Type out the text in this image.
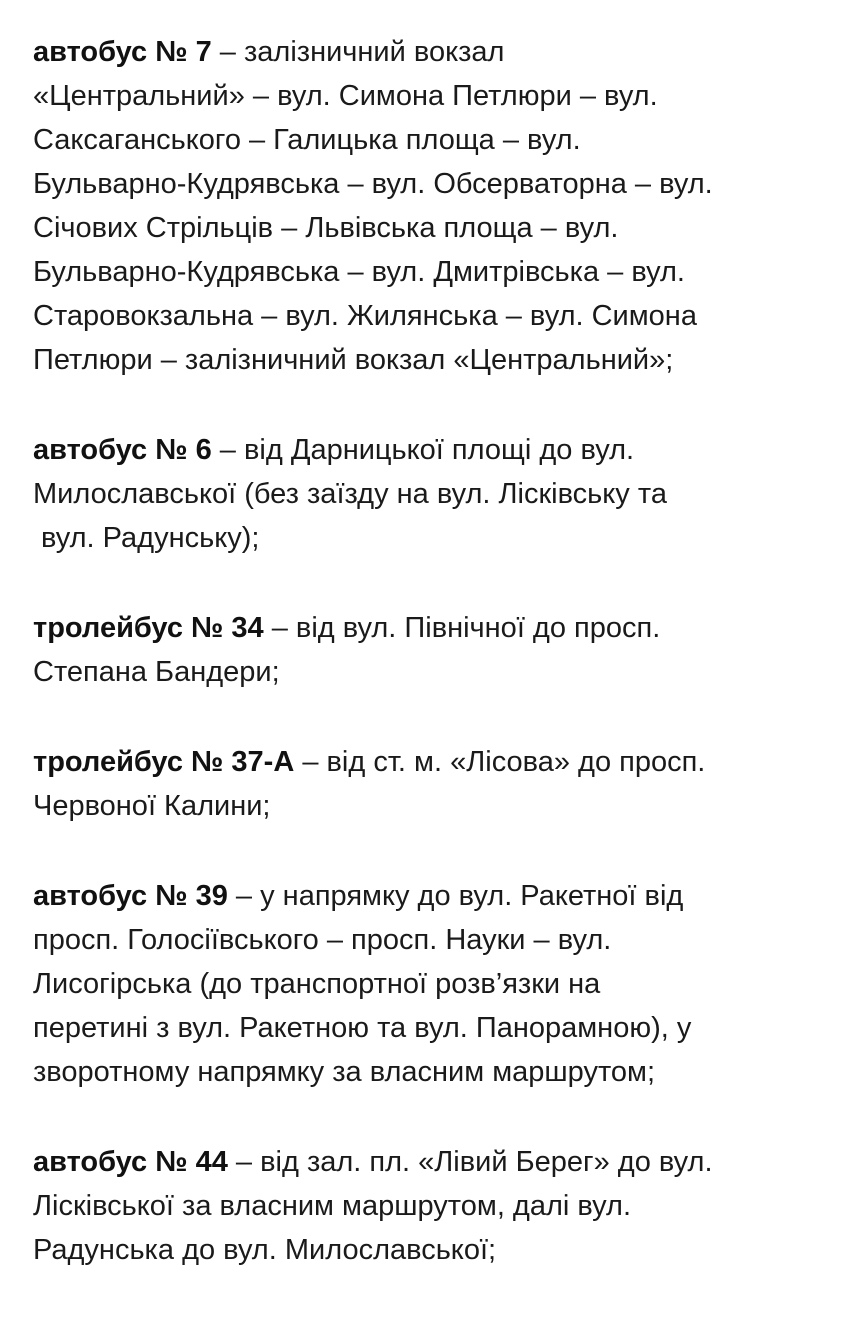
автобус № 7 – залізничний вокзал
«Центральний» – вул. Симона Петлюри – вул.
Саксаганського – Галицька площа – вул.
Бульварно-Кудрявська – вул. Обсерваторна – вул.
Січових Стрільців – Львівська площа – вул.
Бульварно-Кудрявська – вул. Дмитрівська – вул.
Старовокзальна – вул. Жилянська – вул. Симона
Петлюри – залізничний вокзал «Центральний»;
автобус № 6 – від Дарницької площі до вул.
Милославської (без заїзду на вул. Лісківську та
вул. Радунську);
тролейбус № 34 – від вул. Північної до просп.
Степана Бандери;
тролейбус № 37-А – від ст. м. «Лісова» до просп.
Червоної Калини;
автобус № 39 – у напрямку до вул. Ракетної від
просп. Голосіївського – просп. Науки – вул.
Лисогірська (до транспортної розв’язки на
перетині з вул. Ракетною та вул. Панорамною), у
зворотному напрямку за власним маршрутом;
автобус № 44 – від зал. пл. «Лівий Берег» до вул.
Лісківської за власним маршрутом, далі вул.
Радунська до вул. Милославської;
